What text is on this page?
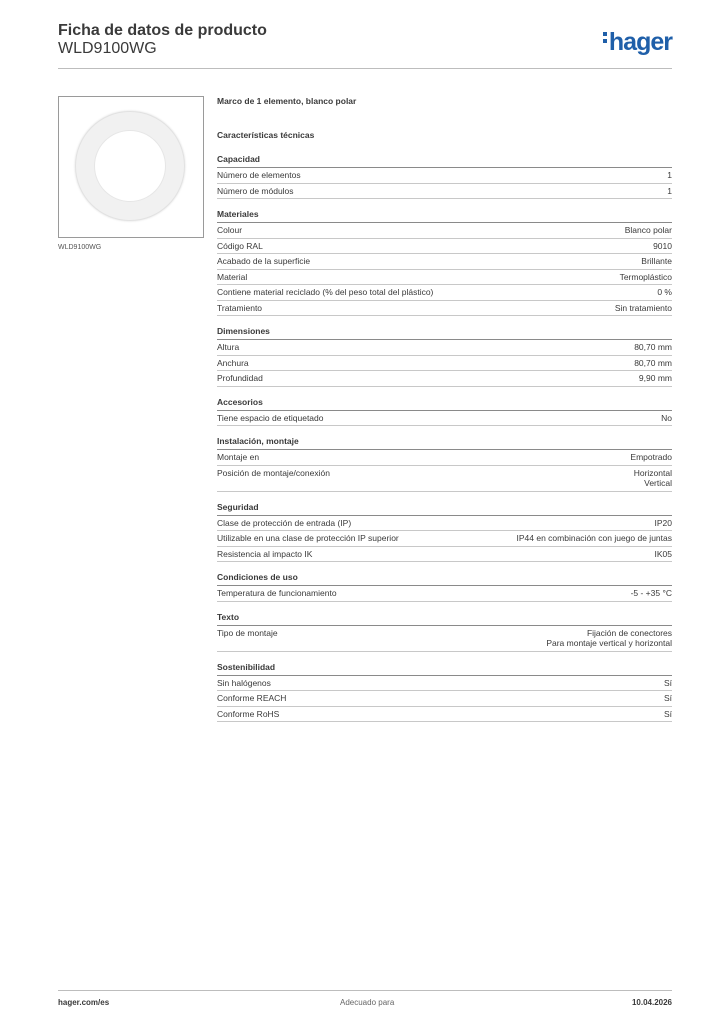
Ficha de datos de producto
WLD9100WG	hager
WLD9100WG
Marco de 1 elemento, blanco polar
Características técnicas
Capacidad
Número de elementos	1
Número de módulos	1
Materiales
Colour	Blanco polar
Código RAL	9010
Acabado de la superficie	Brillante
Material	Termoplástico
Contiene material reciclado (% del peso total del plástico)	0 %
Tratamiento	Sin tratamiento
Dimensiones
Altura	80,70 mm
Anchura	80,70 mm
Profundidad	9,90 mm
Accesorios
Tiene espacio de etiquetado	No
Instalación, montaje
Montaje en	Empotrado
Posición de montaje/conexión	Horizontal
Vertical
Seguridad
Clase de protección de entrada (IP)	IP20
Utilizable en una clase de protección IP superior	IP44 en combinación con juego de juntas
Resistencia al impacto IK	IK05
Condiciones de uso
Temperatura de funcionamiento	-5 - +35 °C
Texto
Tipo de montaje	Fijación de conectores
Para montaje vertical y horizontal
Sostenibilidad
Sin halógenos	Sí
Conforme REACH	Sí
Conforme RoHS	Sí
hager.com/es	Adecuado para	10.04.2026
